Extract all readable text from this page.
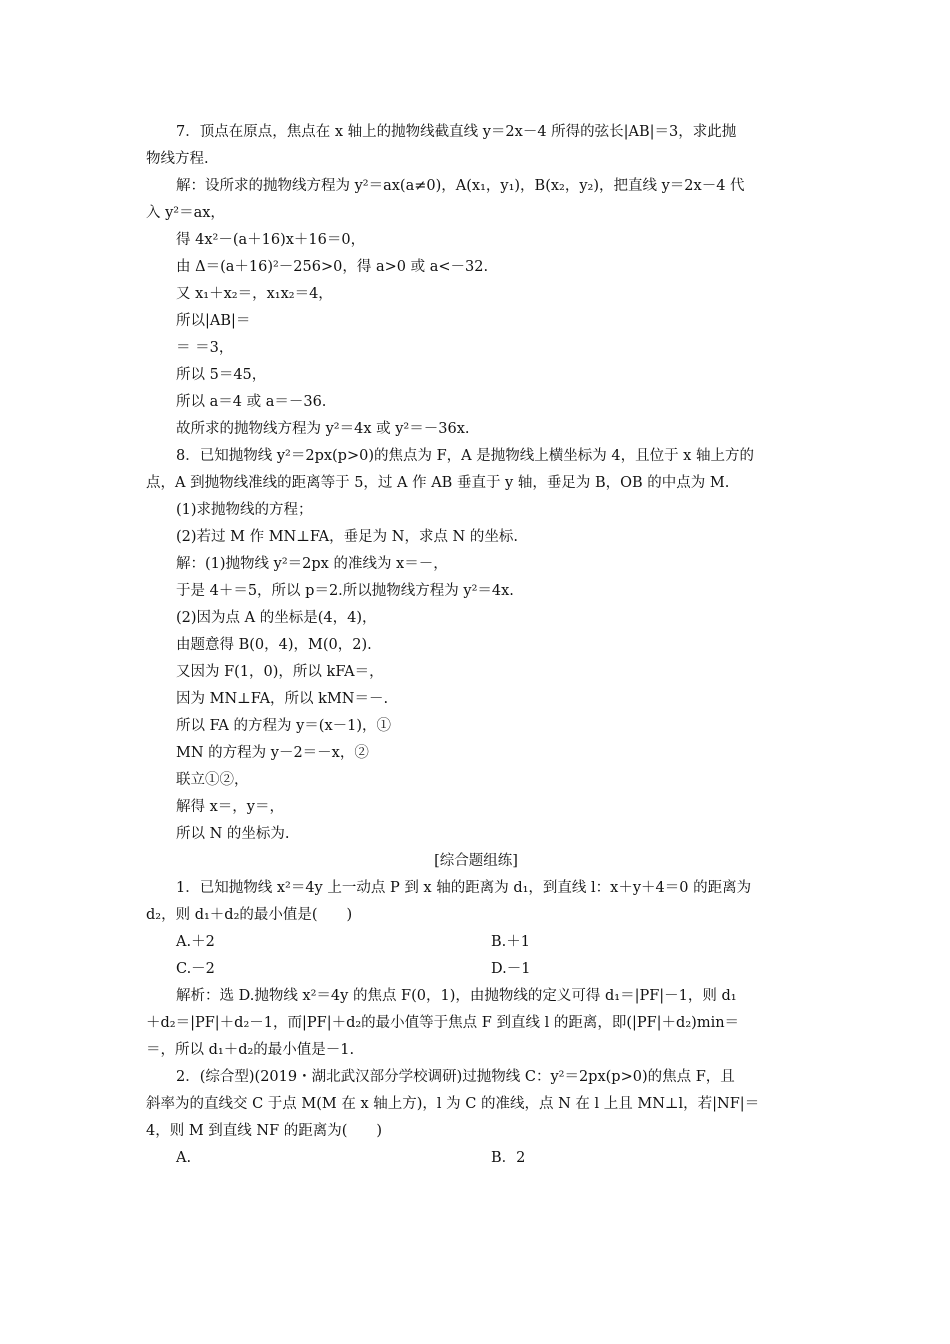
7．顶点在原点，焦点在 x 轴上的抛物线截直线 y＝2x－4 所得的弦长|AB|＝3，求此抛
物线方程.
解：设所求的抛物线方程为 y²＝ax(a≠0)，A(x₁，y₁)，B(x₂，y₂)，把直线 y＝2x－4 代
入 y²＝ax，
得 4x²－(a＋16)x＋16＝0，
由 Δ＝(a＋16)²－256>0，得 a>0 或 a<－32.
又 x₁＋x₂＝，x₁x₂＝4，
所以|AB|＝
＝ ＝3，
所以 5＝45，
所以 a＝4 或 a＝－36.
故所求的抛物线方程为 y²＝4x 或 y²＝－36x.
8．已知抛物线 y²＝2px(p>0)的焦点为 F，A 是抛物线上横坐标为 4，且位于 x 轴上方的
点，A 到抛物线准线的距离等于 5，过 A 作 AB 垂直于 y 轴，垂足为 B，OB 的中点为 M.
(1)求抛物线的方程；
(2)若过 M 作 MN⊥FA，垂足为 N，求点 N 的坐标.
解：(1)抛物线 y²＝2px 的准线为 x＝－，
于是 4＋＝5，所以 p＝2.所以抛物线方程为 y²＝4x.
(2)因为点 A 的坐标是(4，4)，
由题意得 B(0，4)，M(0，2).
又因为 F(1，0)，所以 kFA＝，
因为 MN⊥FA，所以 kMN＝－.
所以 FA 的方程为 y＝(x－1)，①
MN 的方程为 y－2＝－x，②
联立①②，
解得 x＝，y＝，
所以 N 的坐标为.
[综合题组练]
1．已知抛物线 x²＝4y 上一动点 P 到 x 轴的距离为 d₁，到直线 l：x＋y＋4＝0 的距离为
d₂，则 d₁＋d₂的最小值是(　　)
A.＋2	B.＋1
C.－2	D.－1
解析：选 D.抛物线 x²＝4y 的焦点 F(0，1)，由抛物线的定义可得 d₁＝|PF|－1，则 d₁
＋d₂＝|PF|＋d₂－1，而|PF|＋d₂的最小值等于焦点 F 到直线 l 的距离，即(|PF|＋d₂)min＝
＝，所以 d₁＋d₂的最小值是－1.
2．(综合型)(2019・湖北武汉部分学校调研)过抛物线 C：y²＝2px(p>0)的焦点 F，且
斜率为的直线交 C 于点 M(M 在 x 轴上方)，l 为 C 的准线，点 N 在 l 上且 MN⊥l，若|NF|＝
4，则 M 到直线 NF 的距离为(　　)
A.	B．2
